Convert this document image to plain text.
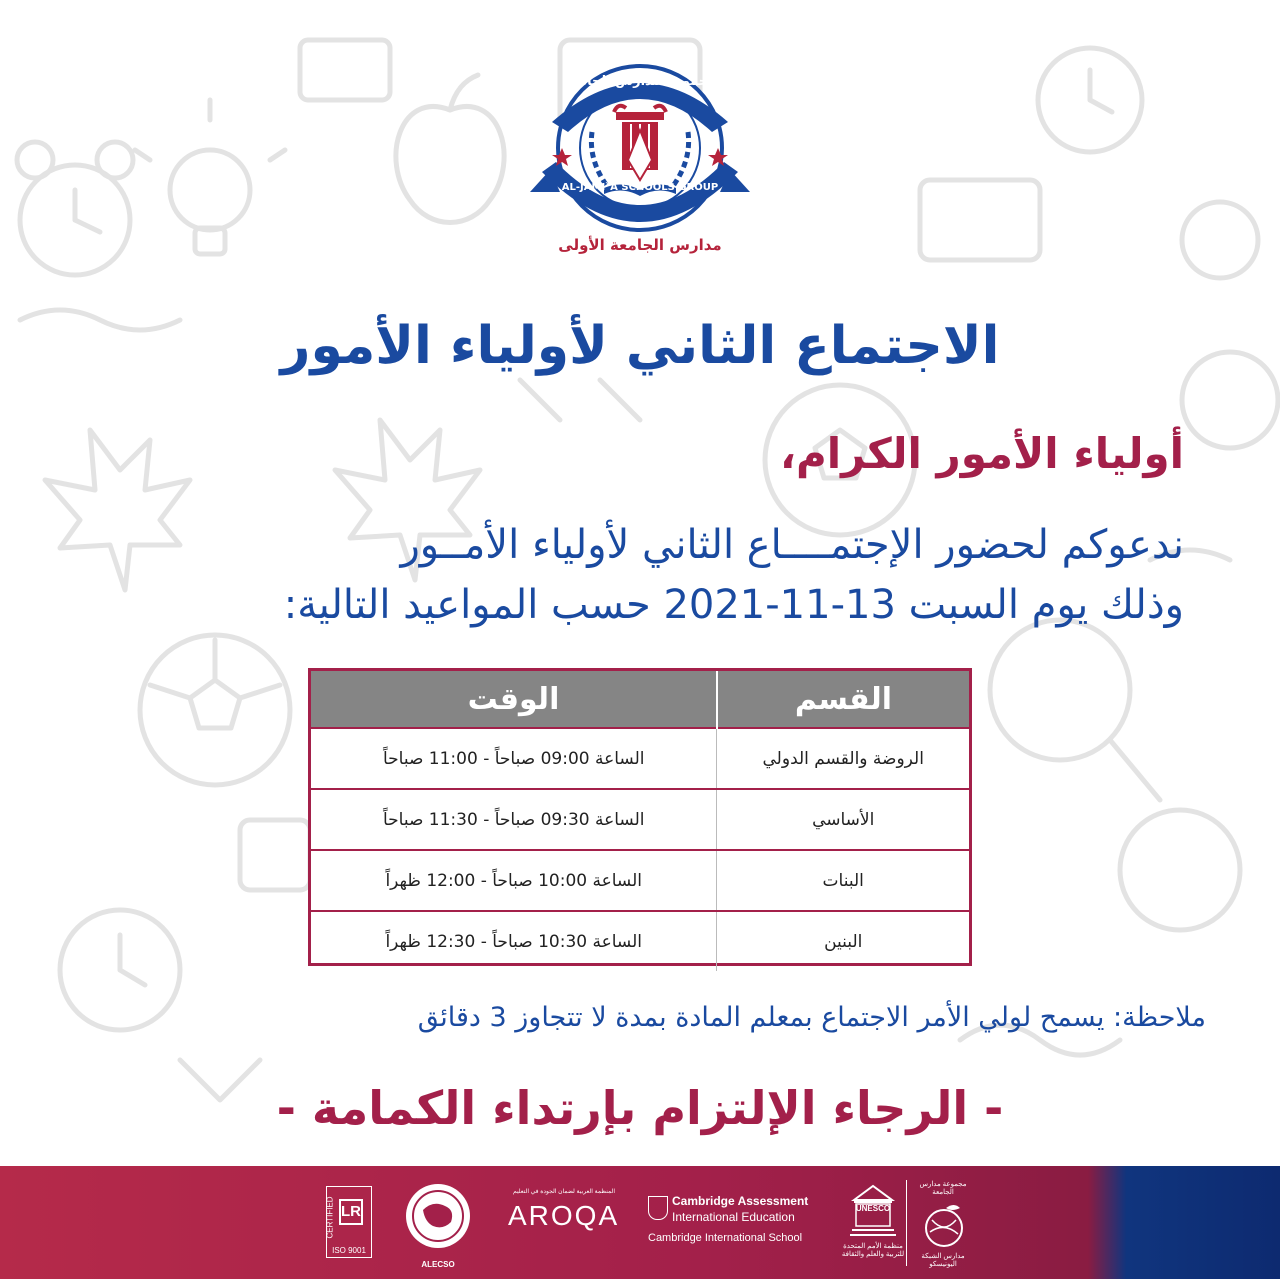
مجموعة مدارس الجامعة
AL-JAMI`A SCHOOLS GROUP
مدارس الجامعة الأولى
الاجتماع الثاني لأولياء الأمور
أولياء الأمور الكرام،
ندعوكم لحضور الإجتمــــاع الثاني لأولياء الأمــور
وذلك يوم السبت 13-11-2021 حسب المواعيد التالية:
القسم	الوقت
الروضة والقسم الدولي	الساعة 09:00 صباحاً - 11:00 صباحاً
الأساسي	الساعة 09:30 صباحاً - 11:30 صباحاً
البنات	الساعة 10:00 صباحاً - 12:00 ظهراً
البنين	الساعة 10:30 صباحاً - 12:30 ظهراً
ملاحظة: يسمح لولي الأمر الاجتماع بمعلم المادة بمدة لا تتجاوز 3 دقائق
- الرجاء الإلتزام بإرتداء الكمامة -
CERTIFIED LR
ISO 9001
ALECSO
المنظمة العربية لضمان الجودة في التعليم
AROQA	Cambridge Assessment
International Education
Cambridge International School
UNESCO
منظمة الأمم المتحدة للتربية والعلم والثقافة
مجموعة مدارس الجامعة
مدارس الشبكة اليونيسكو
